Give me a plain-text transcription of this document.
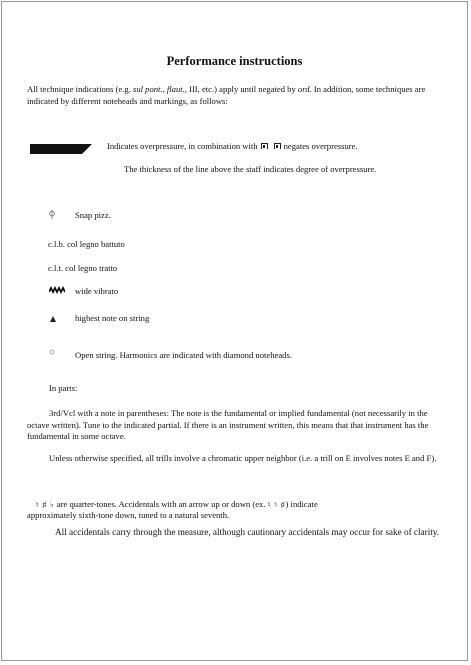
Performance instructions
All technique indications (e.g. sul pont., flaut., III, etc.) apply until negated by ord. In addition, some techniques are indicated by different noteheads and markings, as follows:
Indicates overpressure, in combination with	negates overpressure.
The thickness of the line above the staff indicates degree of overpressure.
Snap pizz.
c.l.b. col legno battuto
c.l.t. col legno tratto
wide vibrato
highest note on string
Open string. Harmonics are indicated with diamond noteheads.
In parts:
3rd/Vcl with a note in parentheses: The note is the fundamental or implied fundamental (not necessarily in the octave written). Tune to the indicated partial. If there is an instrument written, this means that that instrument has the fundamental in some octave.
Unless otherwise specified, all trills involve a chromatic upper neighbor (i.e. a trill on E involves notes E and F).
♮ ♯ ♭ are quarter-tones. Accidentals with an arrow up or down (ex. ♮ ♮ ♯) indicate
approximately sixth-tone down, tuned to a natural seventh.
All accidentals carry through the measure, although cautionary accidentals may occur for sake of clarity.
